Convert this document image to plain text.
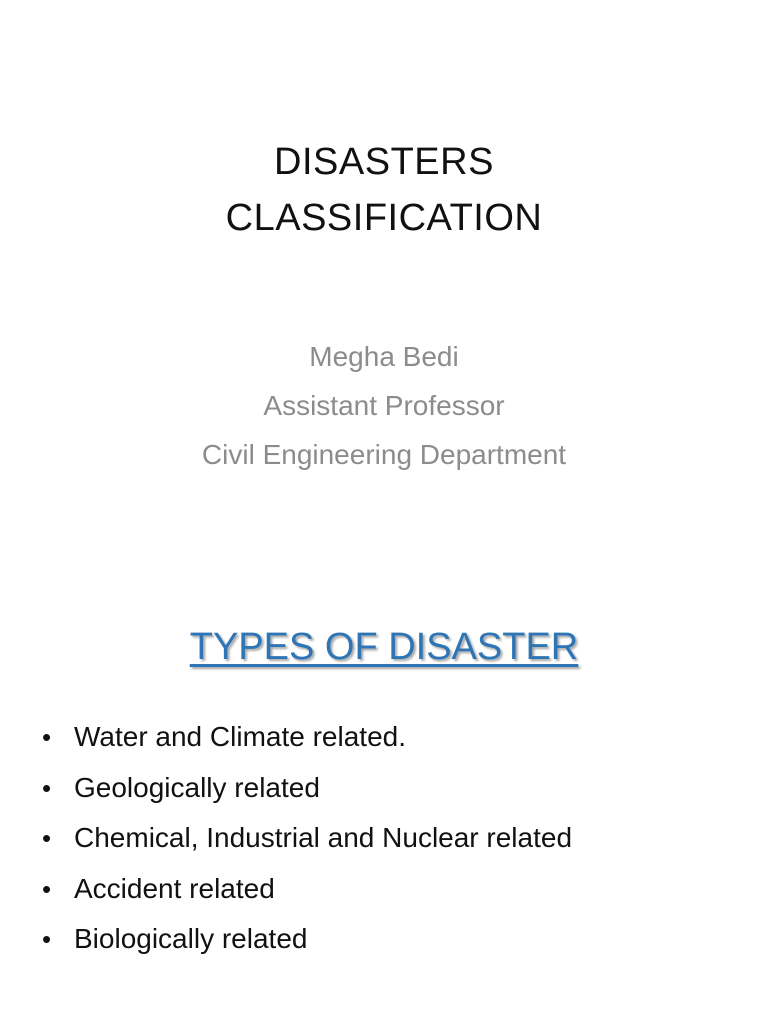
DISASTERS
CLASSIFICATION
Megha Bedi
Assistant Professor
Civil Engineering Department
TYPES OF DISASTER
• Water and Climate related.
• Geologically related
• Chemical, Industrial and Nuclear related
• Accident related
• Biologically related
